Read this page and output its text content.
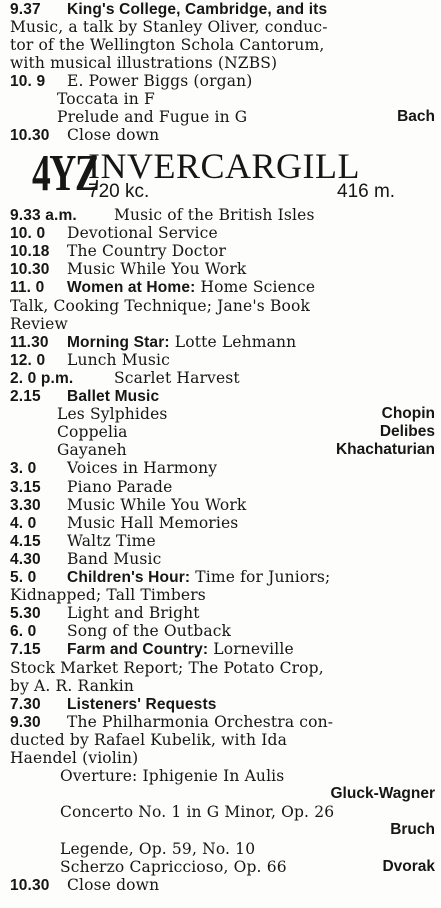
9.37 King's College, Cambridge, and its
Music, a talk by Stanley Oliver, conduc-
tor of the Wellington Schola Cantorum,
with musical illustrations (NZBS)
10. 9 E. Power Biggs (organ)
Toccata in F
Prelude and Fugue in G	Bach
10.30 Close down
4YZ
INVERCARGILL
720 kc.	416 m.
9.33 a.m. Music of the British Isles
10. 0 Devotional Service
10.18 The Country Doctor
10.30 Music While You Work
11. 0 Women at Home: Home Science
Talk, Cooking Technique; Jane's Book
Review
11.30 Morning Star: Lotte Lehmann
12. 0 Lunch Music
2. 0 p.m.	Scarlet Harvest
2.15 Ballet Music
Les Sylphides	Chopin
Coppelia	Delibes
Gayaneh	Khachaturian
3. 0 Voices in Harmony
3.15 Piano Parade
3.30 Music While You Work
4. 0 Music Hall Memories
4.15 Waltz Time
4.30 Band Music
5. 0 Children's Hour: Time for Juniors;
Kidnapped; Tall Timbers
5.30 Light and Bright
6. 0 Song of the Outback
7.15 Farm and Country: Lorneville
Stock Market Report; The Potato Crop,
by A. R. Rankin
7.30 Listeners' Requests
9.30 The Philharmonia Orchestra con-
ducted by Rafael Kubelik, with Ida
Haendel (violin)
Overture: Iphigenie In Aulis
Gluck-Wagner
Concerto No. 1 in G Minor, Op. 26
Bruch
Legende, Op. 59, No. 10
Scherzo Capriccioso, Op. 66	Dvorak
10.30 Close down
